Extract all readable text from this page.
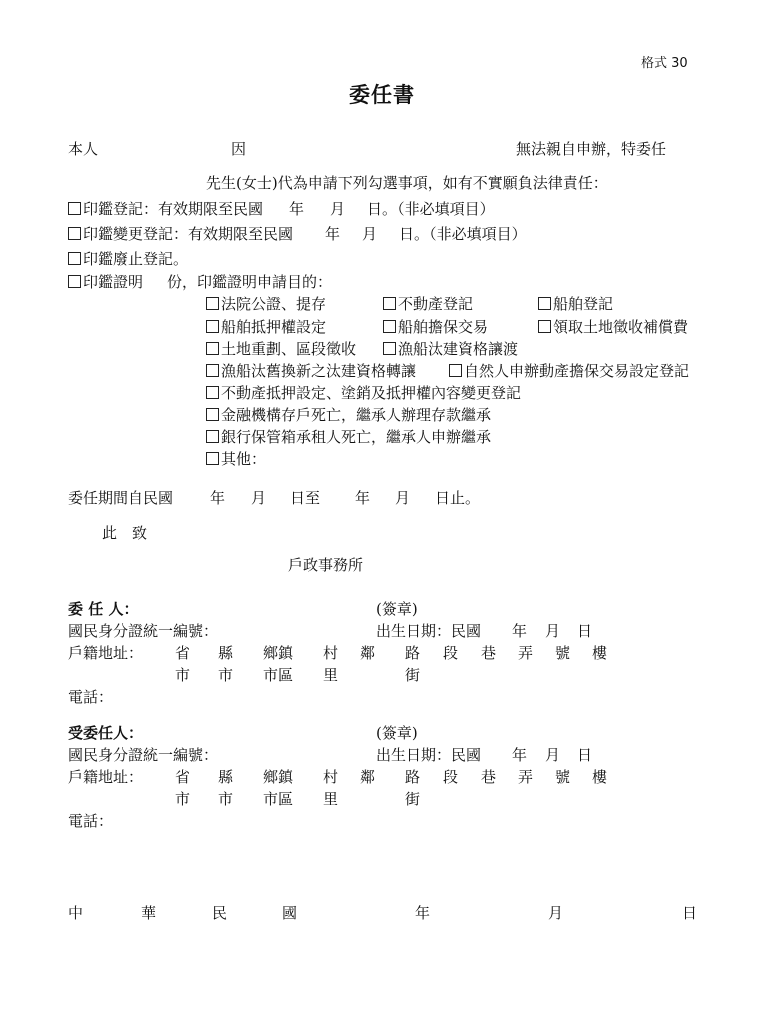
格式 30
委任書
本人	因	無法親自申辦，特委任
先生(女士)代為申請下列勾選事項，如有不實願負法律責任：
印鑑登記：有效期限至民國 年 月 日。（非必填項目）
印鑑變更登記：有效期限至民國 年 月 日。（非必填項目）
印鑑廢止登記。
印鑑證明 份，印鑑證明申請目的：
法院公證、提存	不動產登記	船舶登記
船舶抵押權設定	船舶擔保交易	領取土地徵收補償費
土地重劃、區段徵收	漁船汰建資格讓渡
漁船汰舊換新之汰建資格轉讓	自然人申辦動產擔保交易設定登記
不動產抵押設定、塗銷及抵押權內容變更登記
金融機構存戶死亡，繼承人辦理存款繼承
銀行保管箱承租人死亡，繼承人申辦繼承
其他：
委任期間自民國 年 月 日至 年 月 日止。
此　致
戶政事務所
委 任 人：	(簽章)
國民身分證統一編號：	出生日期：民國 年 月 日
戶籍地址： 省 縣 鄉鎮 村 鄰 路 段 巷 弄 號 樓
市 市 市區 里	街
電話：
受委任人：	(簽章)
國民身分證統一編號：	出生日期：民國 年 月 日
戶籍地址： 省 縣 鄉鎮 村 鄰 路 段 巷 弄 號 樓
市 市 市區 里	街
電話：
中	華	民	國	年	月	日
